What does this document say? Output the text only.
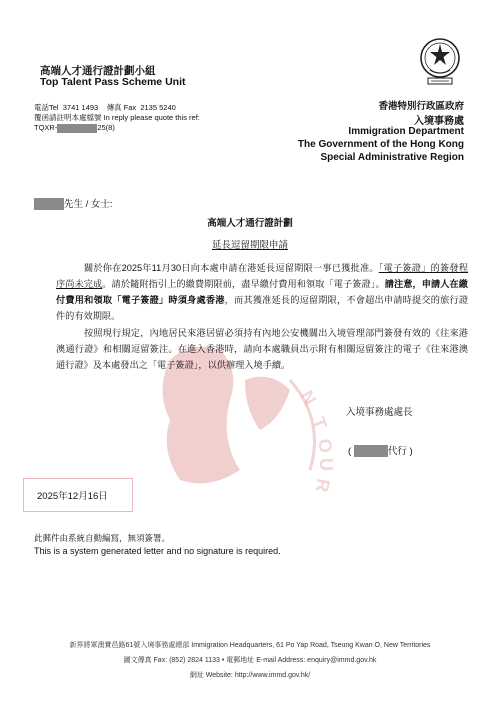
高端人才通行證計劃小組
Top Talent Pass Scheme Unit
電話Tel 3741 1493 傳真 Fax 2135 5240
覆函請註明本處檔號 In reply please quote this ref:
TQXR-	25(8)
香港特別行政區政府
入境事務處
Immigration Department
The Government of the Hong Kong
Special Administrative Region
N
T
O
U
R
先生 / 女士:
高端人才通行證計劃
延長逗留期限申請
關於你在2025年11月30日向本處申請在港延長逗留期限一事已獲批准。「電子簽證」的簽發程序尚未完成。請於隨附指引上的繳費期限前，盡早繳付費用和領取「電子簽證」。請注意，申請人在繳付費用和領取「電子簽證」時須身處香港，而其獲准延長的逗留期限，不會超出申請時提交的旅行證件的有效期限。
按照現行規定，內地居民來港居留必須持有內地公安機關出入境管理部門簽發有效的《往來港澳通行證》和相關逗留簽注。在進入香港時，請向本處職員出示附有相關逗留簽注的電子《往來港澳通行證》及本處發出之「電子簽證」，以供辦理入境手續。
入境事務處處長
(	代行 )
2025年12月16日
此郵件由系統自動編寫，無須簽署。
This is a system generated letter and no signature is required.
新界將軍澳寶邑路61號入境事務處總部 Immigration Headquarters, 61 Po Yap Road, Tseung Kwan O, New Territories
圖文傳真 Fax: (852) 2824 1133 • 電郵地址 E-mail Address: enquiry@immd.gov.hk
網址 Website: http://www.immd.gov.hk/
